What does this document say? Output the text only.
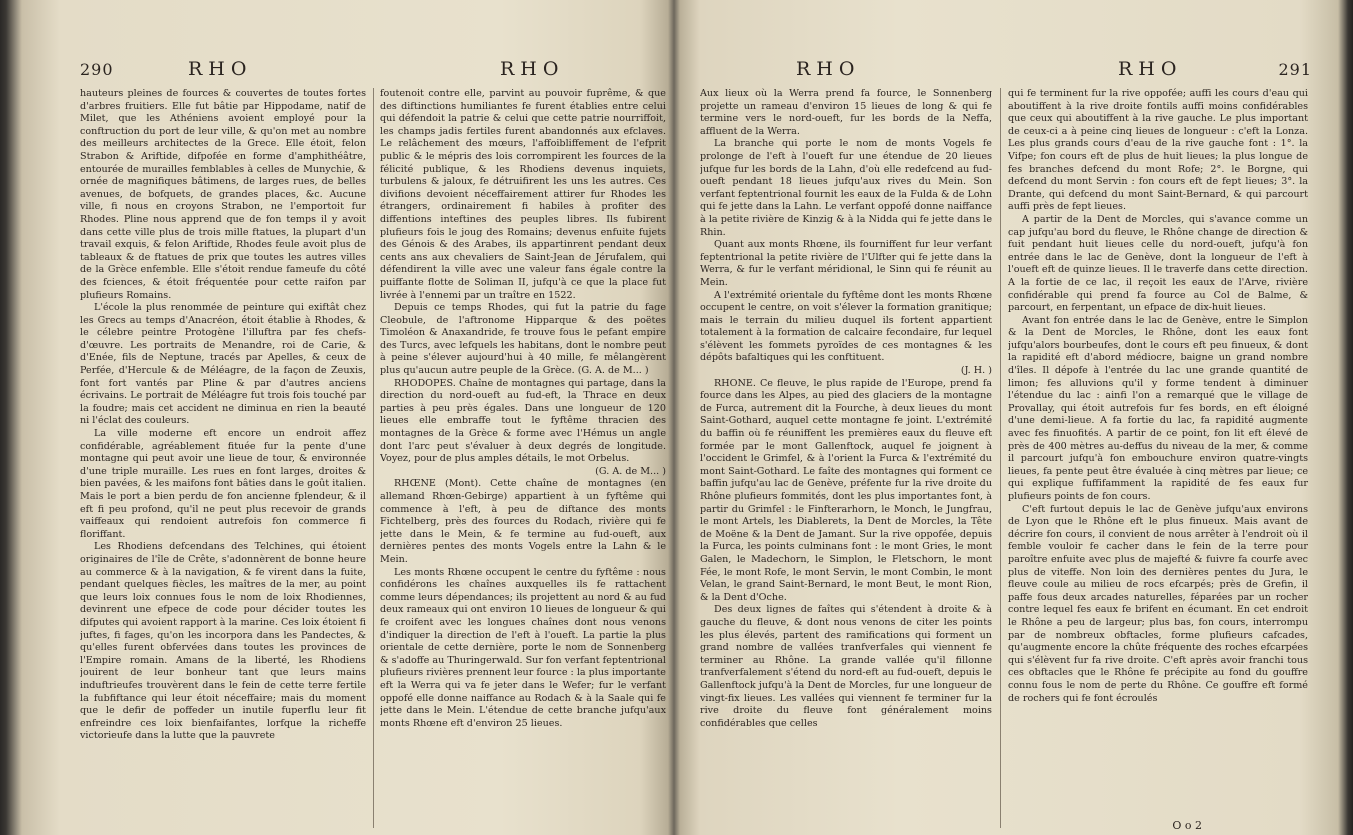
290	RHO	RHO

hauteurs pleines de fources & couvertes de toutes fortes d'arbres fruitiers. Elle fut bâtie par Hippodame, natif de Milet, que les Athéniens avoient employé pour la conftruction du port de leur ville, & qu'on met au nombre des meilleurs architectes de la Grece. Elle étoit, felon Strabon & Ariftide, difpofée en forme d'amphithéâtre, entourée de murailles femblables à celles de Munychie, & ornée de magnifiques bâtimens, de larges rues, de belles avenues, de bofquets, de grandes places, &c. Aucune ville, fi nous en croyons Strabon, ne l'emportoit fur Rhodes. Pline nous apprend que de fon temps il y avoit dans cette ville plus de trois mille ftatues, la plupart d'un travail exquis, & felon Ariftide, Rhodes feule avoit plus de tableaux & de ftatues de prix que toutes les autres villes de la Grèce enfemble. Elle s'étoit rendue fameufe du côté des fciences, & étoit fréquentée pour cette raifon par plufieurs Romains.

L'école la plus renommée de peinture qui exiftât chez les Grecs au temps d'Anacréon, étoit établie à Rhodes, & le célebre peintre Protogène l'illuftra par fes chefs-d'œuvre. Les portraits de Menandre, roi de Carie, & d'Enée, fils de Neptune, tracés par Apelles, & ceux de Perfée, d'Hercule & de Méléagre, de la façon de Zeuxis, font fort vantés par Pline & par d'autres anciens écrivains. Le portrait de Méléagre fut trois fois touché par la foudre; mais cet accident ne diminua en rien la beauté ni l'éclat des couleurs.

La ville moderne eft encore un endroit affez confidérable, agréablement fituée fur la pente d'une montagne qui peut avoir une lieue de tour, & environnée d'une triple muraille. Les rues en font larges, droites & bien pavées, & les maifons font bâties dans le goût italien. Mais le port a bien perdu de fon ancienne fplendeur, & il eft fi peu profond, qu'il ne peut plus recevoir de grands vaiffeaux qui rendoient autrefois fon commerce fi floriffant.

Les Rhodiens defcendans des Telchines, qui étoient originaires de l'île de Crête, s'adonnèrent de bonne heure au commerce & à la navigation, & fe virent dans la fuite, pendant quelques fiècles, les maîtres de la mer, au point que leurs loix connues fous le nom de loix Rhodiennes, devinrent une efpece de code pour décider toutes les difputes qui avoient rapport à la marine. Ces loix étoient fi juftes, fi fages, qu'on les incorpora dans les Pandectes, & qu'elles furent obfervées dans toutes les provinces de l'Empire romain. Amans de la liberté, les Rhodiens jouirent de leur bonheur tant que leurs mains induftrieufes trouvèrent dans le fein de cette terre fertile la fubfiftance qui leur étoit néceffaire; mais du moment que le defir de poffeder un inutile fuperflu leur fit enfreindre ces loix bienfaifantes, lorfque la richeffe victorieufe dans la lutte que la pauvrete

foutenoit contre elle, parvint au pouvoir fuprême, & que des diftinctions humiliantes fe furent établies entre celui qui défendoit la patrie & celui que cette patrie nourriffoit, les champs jadis fertiles furent abandonnés aux efclaves. Le relâchement des mœurs, l'affoibliffement de l'efprit public & le mépris des lois corrompirent les fources de la félicité publique, & les Rhodiens devenus inquiets, turbulens & jaloux, fe détruifirent les uns les autres. Ces divifions devoient néceffairement attirer fur Rhodes les étrangers, ordinairement fi habiles à profiter des diffentions inteftines des peuples libres. Ils fubirent plufieurs fois le joug des Romains; devenus enfuite fujets des Génois & des Arabes, ils appartinrent pendant deux cents ans aux chevaliers de Saint-Jean de Jérufalem, qui défendirent la ville avec une valeur fans égale contre la puiffante flotte de Soliman II, jufqu'à ce que la place fut livrée à l'ennemi par un traître en 1522.

Depuis ce temps Rhodes, qui fut la patrie du fage Cleobule, de l'aftronome Hipparque & des poëtes Timoléon & Anaxandride, fe trouve fous le pefant empire des Turcs, avec lefquels les habitans, dont le nombre peut à peine s'élever aujourd'hui à 40 mille, fe mêlangèrent plus qu'aucun autre peuple de la Grèce. (G. A. de M... )

RHODOPES. Chaîne de montagnes qui partage, dans la direction du nord-oueft au fud-eft, la Thrace en deux parties à peu près égales. Dans une longueur de 120 lieues elle embraffe tout le fyftême thracien des montagnes de la Grèce & forme avec l'Hémus un angle dont l'arc peut s'évaluer à deux degrés de longitude. Voyez, pour de plus amples détails, le mot Orbelus.

(G. A. de M... )

RHŒNE (Mont). Cette chaîne de montagnes (en allemand Rhœn-Gebirge) appartient à un fyftême qui commence à l'eft, à peu de diftance des monts Fichtelberg, près des fources du Rodach, rivière qui fe jette dans le Mein, & fe termine au fud-oueft, aux dernières pentes des monts Vogels entre la Lahn & le Mein.

Les monts Rhœne occupent le centre du fyftême : nous confidérons les chaînes auxquelles ils fe rattachent comme leurs dépendances; ils projettent au nord & au fud deux rameaux qui ont environ 10 lieues de longueur & qui fe croifent avec les longues chaînes dont nous venons d'indiquer la direction de l'eft à l'oueft. La partie la plus orientale de cette dernière, porte le nom de Sonnenberg & s'adoffe au Thuringerwald. Sur fon verfant feptentrional plufieurs rivières prennent leur fource : la plus importante eft la Werra qui va fe jeter dans le Wefer; fur le verfant oppofé elle donne naiffance au Rodach & à la Saale qui fe jette dans le Mein. L'étendue de cette branche jufqu'aux monts Rhœne eft d'environ 25 lieues.

RHO	RHO	291

Aux lieux où la Werra prend fa fource, le Sonnenberg projette un rameau d'environ 15 lieues de long & qui fe termine vers le nord-oueft, fur les bords de la Neffa, affluent de la Werra.

La branche qui porte le nom de monts Vogels fe prolonge de l'eft à l'oueft fur une étendue de 20 lieues jufque fur les bords de la Lahn, d'où elle redefcend au fud-oueft pendant 18 lieues jufqu'aux rives du Mein. Son verfant feptentrional fournit les eaux de la Fulda & de Lohn qui fe jette dans la Lahn. Le verfant oppofé donne naiffance à la petite rivière de Kinzig & à la Nidda qui fe jette dans le Rhin.

Quant aux monts Rhœne, ils fourniffent fur leur verfant feptentrional la petite rivière de l'Ulfter qui fe jette dans la Werra, & fur le verfant méridional, le Sinn qui fe réunit au Mein.

A l'extrémité orientale du fyftême dont les monts Rhœne occupent le centre, on voit s'élever la formation granitique; mais le terrain du milieu duquel ils fortent appartient totalement à la formation de calcaire fecondaire, fur lequel s'élèvent les fommets pyroïdes de ces montagnes & les dépôts bafaltiques qui les conftituent.

(J. H. )

RHONE. Ce fleuve, le plus rapide de l'Europe, prend fa fource dans les Alpes, au pied des glaciers de la montagne de Furca, autrement dit la Fourche, à deux lieues du mont Saint-Gothard, auquel cette montagne fe joint. L'extrémité du baffin où fe réuniffent les premières eaux du fleuve eft formée par le mont Gallenftock, auquel fe joignent à l'occident le Grimfel, & à l'orient la Furca & l'extrémité du mont Saint-Gothard. Le faîte des montagnes qui forment ce baffin jufqu'au lac de Genève, préfente fur la rive droite du Rhône plufieurs fommités, dont les plus importantes font, à partir du Grimfel : le Finfterarhorn, le Monch, le Jungfrau, le mont Artels, les Diablerets, la Dent de Morcles, la Tête de Moëne & la Dent de Jamant. Sur la rive oppofée, depuis la Furca, les points culminans font : le mont Gries, le mont Galen, le Madechorn, le Simplon, le Fletschorn, le mont Fée, le mont Rofe, le mont Servin, le mont Combin, le mont Velan, le grand Saint-Bernard, le mont Beut, le mont Rion, & la Dent d'Oche.

Des deux lignes de faîtes qui s'étendent à droite & à gauche du fleuve, & dont nous venons de citer les points les plus élevés, partent des ramifications qui forment un grand nombre de vallées tranfverfales qui viennent fe terminer au Rhône. La grande vallée qu'il fillonne tranfverfalement s'étend du nord-eft au fud-oueft, depuis le Gallenftock jufqu'à la Dent de Morcles, fur une longueur de vingt-fix lieues. Les vallées qui viennent fe terminer fur la rive droite du fleuve font généralement moins confidérables que celles

qui fe terminent fur la rive oppofée; auffi les cours d'eau qui aboutiffent à la rive droite fontils auffi moins confidérables que ceux qui aboutiffent à la rive gauche. Le plus important de ceux-ci a à peine cinq lieues de longueur : c'eft la Lonza. Les plus grands cours d'eau de la rive gauche font : 1°. la Vifpe; fon cours eft de plus de huit lieues; la plus longue de fes branches defcend du mont Rofe; 2°. le Borgne, qui defcend du mont Servin : fon cours eft de fept lieues; 3°. la Drante, qui defcend du mont Saint-Bernard, & qui parcourt auffi près de fept lieues.

A partir de la Dent de Morcles, qui s'avance comme un cap jufqu'au bord du fleuve, le Rhône change de direction & fuit pendant huit lieues celle du nord-oueft, jufqu'à fon entrée dans le lac de Genève, dont la longueur de l'eft à l'oueft eft de quinze lieues. Il le traverfe dans cette direction. A la fortie de ce lac, il reçoit les eaux de l'Arve, rivière confidérable qui prend fa fource au Col de Balme, & parcourt, en ferpentant, un efpace de dix-huit lieues.

Avant fon entrée dans le lac de Genève, entre le Simplon & la Dent de Morcles, le Rhône, dont les eaux font jufqu'alors bourbeufes, dont le cours eft peu finueux, & dont la rapidité eft d'abord médiocre, baigne un grand nombre d'îles. Il dépofe à l'entrée du lac une grande quantité de limon; fes alluvions qu'il y forme tendent à diminuer l'étendue du lac : ainfi l'on a remarqué que le village de Provallay, qui étoit autrefois fur fes bords, en eft éloigné d'une demi-lieue. A fa fortie du lac, fa rapidité augmente avec fes finuofités. A partir de ce point, fon lit eft élevé de près de 400 mètres au-deffus du niveau de la mer, & comme il parcourt jufqu'à fon embouchure environ quatre-vingts lieues, fa pente peut être évaluée à cinq mètres par lieue; ce qui explique fuffifamment la rapidité de fes eaux fur plufieurs points de fon cours.

C'eft furtout depuis le lac de Genève jufqu'aux environs de Lyon que le Rhône eft le plus finueux. Mais avant de décrire fon cours, il convient de nous arrêter à l'endroit où il femble vouloir fe cacher dans le fein de la terre pour paroître enfuite avec plus de majefté & fuivre fa courfe avec plus de viteffe. Non loin des dernières pentes du Jura, le fleuve coule au milieu de rocs efcarpés; près de Grefin, il paffe fous deux arcades naturelles, féparées par un rocher contre lequel fes eaux fe brifent en écumant. En cet endroit le Rhône a peu de largeur; plus bas, fon cours, interrompu par de nombreux obftacles, forme plufieurs cafcades, qu'augmente encore la chûte fréquente des roches efcarpées qui s'élèvent fur fa rive droite. C'eft après avoir franchi tous ces obftacles que le Rhône fe précipite au fond du gouffre connu fous le nom de perte du Rhône. Ce gouffre eft formé de rochers qui fe font écroulés

O o 2
